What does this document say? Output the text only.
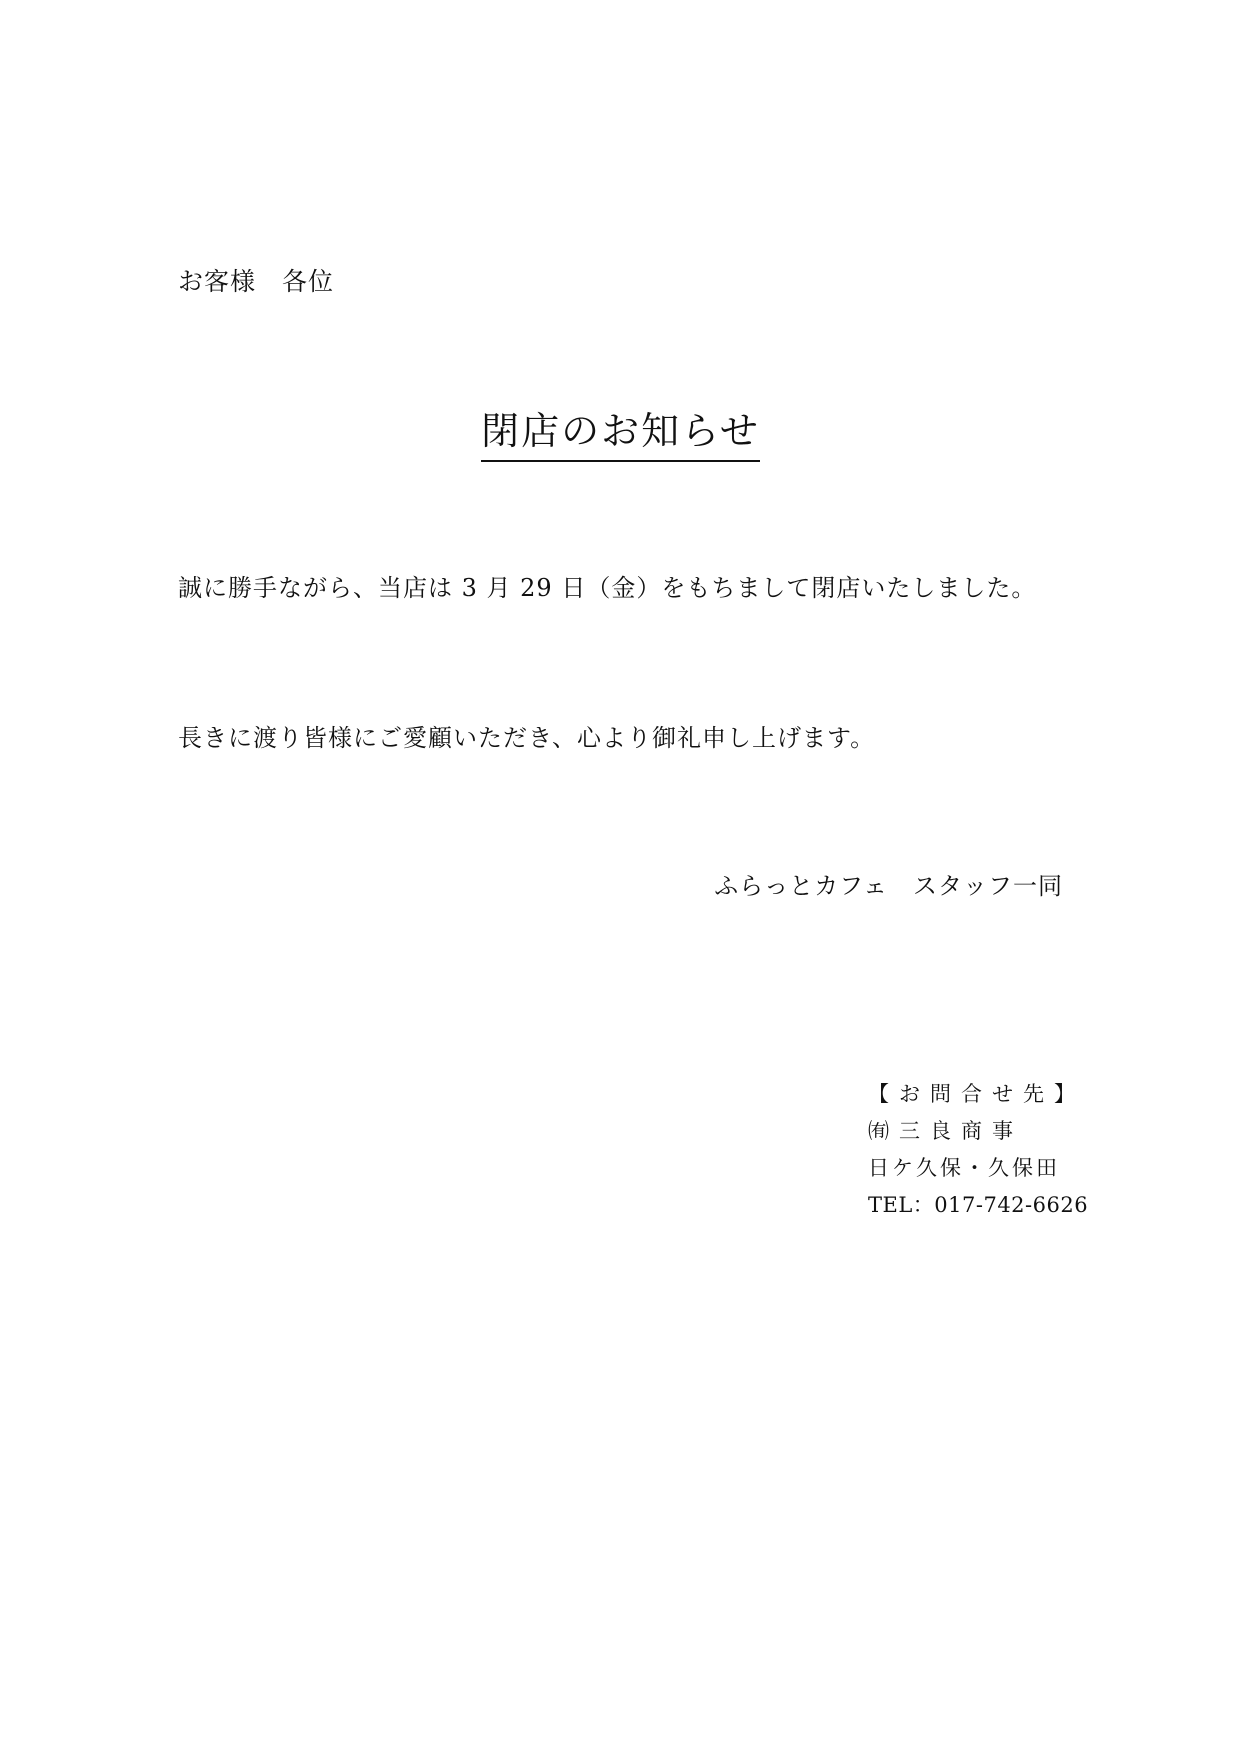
お客様　各位
閉店のお知らせ
誠に勝手ながら、当店は 3 月 29 日（金）をもちまして閉店いたしました。
長きに渡り皆様にご愛顧いただき、心より御礼申し上げます。
ふらっとカフェ　スタッフ一同
【お問合せ先】
㈲三良商事
日ケ久保・久保田
TEL：017-742-6626
